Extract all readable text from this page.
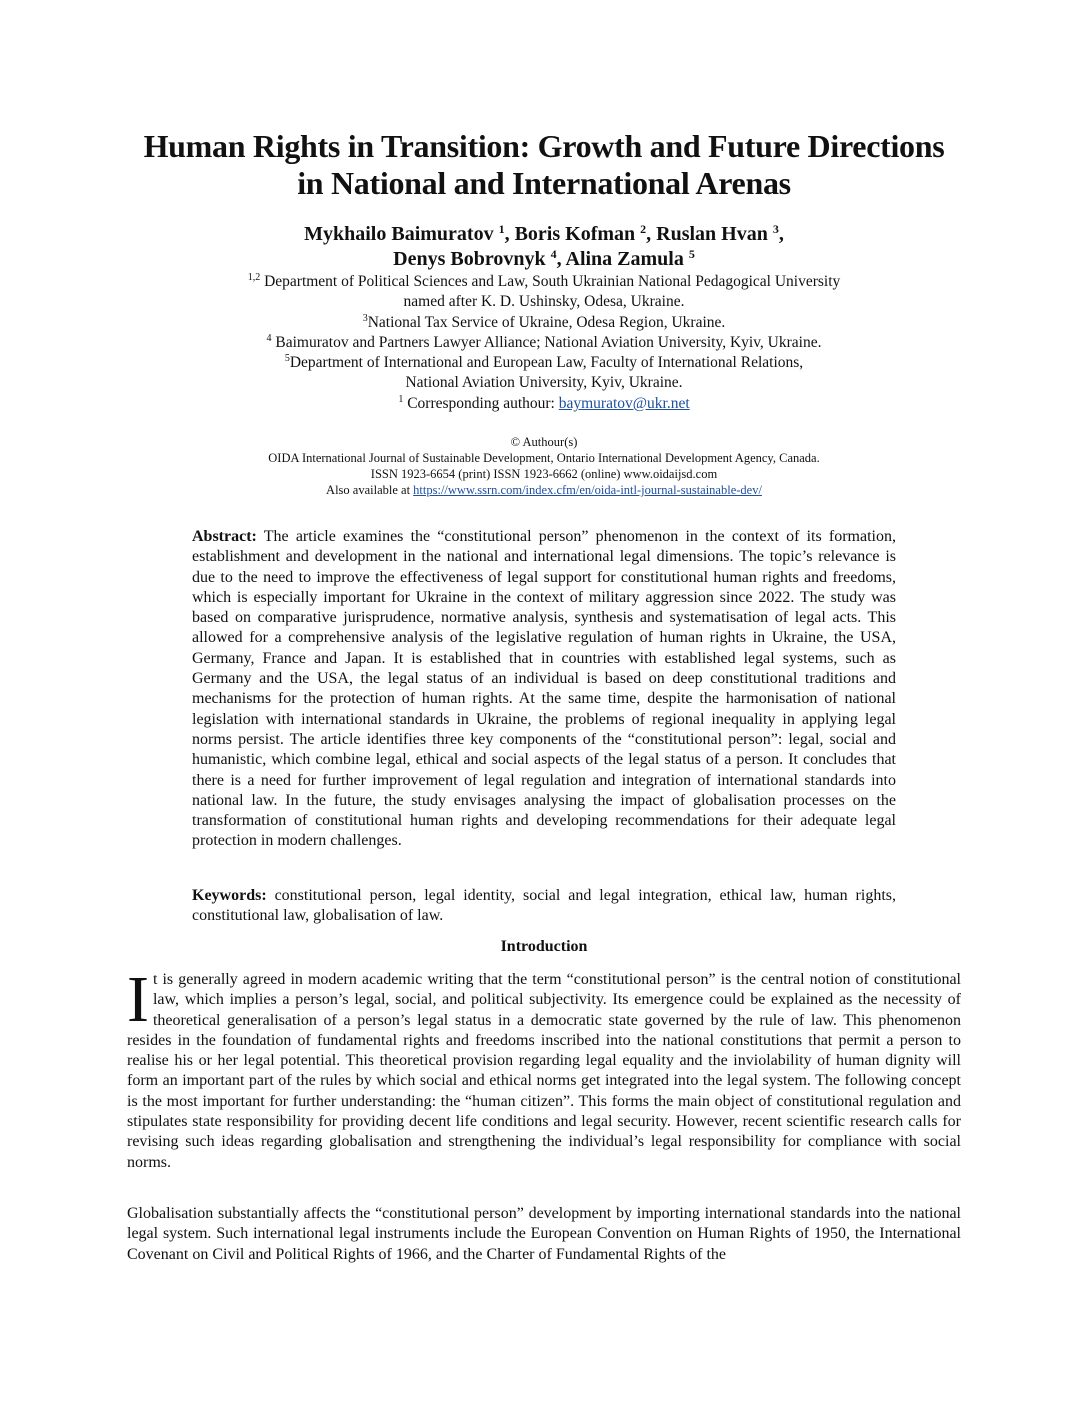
Human Rights in Transition: Growth and Future Directions
in National and International Arenas
Mykhailo Baimuratov $^1$, Boris Kofman $^2$, Ruslan Hvan $^3$,
Denys Bobrovnyk $^4$, Alina Zamula $^5$
$^{1,2}$ Department of Political Sciences and Law, South Ukrainian National Pedagogical University
named after K. D. Ushinsky, Odesa, Ukraine.
$^3$National Tax Service of Ukraine, Odesa Region, Ukraine.
$^4$ Baimuratov and Partners Lawyer Alliance; National Aviation University, Kyiv, Ukraine.
$^5$Department of International and European Law, Faculty of International Relations,
National Aviation University, Kyiv, Ukraine.
$^1$ Corresponding authour: baymuratov@ukr.net
© Authour(s)
OIDA International Journal of Sustainable Development, Ontario International Development Agency, Canada.
ISSN 1923-6654 (print) ISSN 1923-6662 (online) www.oidaijsd.com
Also available at https://www.ssrn.com/index.cfm/en/oida-intl-journal-sustainable-dev/
Abstract: The article examines the “constitutional person” phenomenon in the context of its formation, establishment and development in the national and international legal dimensions. The topic’s relevance is due to the need to improve the effectiveness of legal support for constitutional human rights and freedoms, which is especially important for Ukraine in the context of military aggression since 2022. The study was based on comparative jurisprudence, normative analysis, synthesis and systematisation of legal acts. This allowed for a comprehensive analysis of the legislative regulation of human rights in Ukraine, the USA, Germany, France and Japan. It is established that in countries with established legal systems, such as Germany and the USA, the legal status of an individual is based on deep constitutional traditions and mechanisms for the protection of human rights. At the same time, despite the harmonisation of national legislation with international standards in Ukraine, the problems of regional inequality in applying legal norms persist. The article identifies three key components of the “constitutional person”: legal, social and humanistic, which combine legal, ethical and social aspects of the legal status of a person. It concludes that there is a need for further improvement of legal regulation and integration of international standards into national law. In the future, the study envisages analysing the impact of globalisation processes on the transformation of constitutional human rights and developing recommendations for their adequate legal protection in modern challenges.
Keywords: constitutional person, legal identity, social and legal integration, ethical law, human rights, constitutional law, globalisation of law.
Introduction
It is generally agreed in modern academic writing that the term “constitutional person” is the central notion of constitutional law, which implies a person’s legal, social, and political subjectivity. Its emergence could be explained as the necessity of theoretical generalisation of a person’s legal status in a democratic state governed by the rule of law. This phenomenon resides in the foundation of fundamental rights and freedoms inscribed into the national constitutions that permit a person to realise his or her legal potential. This theoretical provision regarding legal equality and the inviolability of human dignity will form an important part of the rules by which social and ethical norms get integrated into the legal system. The following concept is the most important for further understanding: the “human citizen”. This forms the main object of constitutional regulation and stipulates state responsibility for providing decent life conditions and legal security. However, recent scientific research calls for revising such ideas regarding globalisation and strengthening the individual’s legal responsibility for compliance with social norms.
Globalisation substantially affects the “constitutional person” development by importing international standards into the national legal system. Such international legal instruments include the European Convention on Human Rights of 1950, the International Covenant on Civil and Political Rights of 1966, and the Charter of Fundamental Rights of the
